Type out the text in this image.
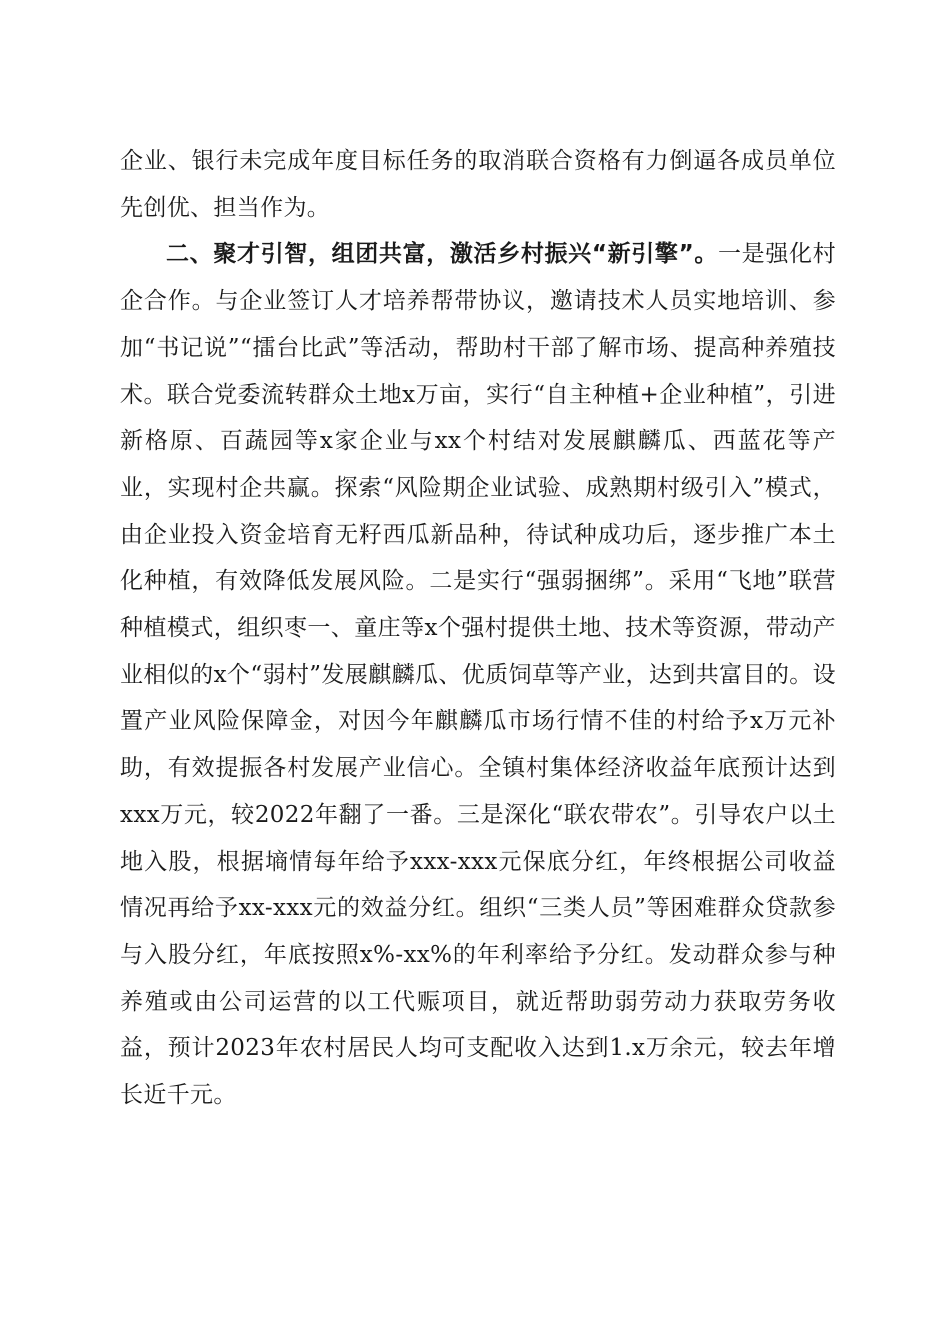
企业、银行未完成年度目标任务的取消联合资格有力倒逼各成员单位先创优、担当作为。

二、聚才引智，组团共富，激活乡村振兴“新引擎”。一是强化村企合作。与企业签订人才培养帮带协议，邀请技术人员实地培训、参加“书记说”“擂台比武”等活动，帮助村干部了解市场、提高种养殖技术。联合党委流转群众土地x万亩，实行“自主种植+企业种植”，引进新格原、百蔬园等x家企业与xx个村结对发展麒麟瓜、西蓝花等产业，实现村企共赢。探索“风险期企业试验、成熟期村级引入”模式，由企业投入资金培育无籽西瓜新品种，待试种成功后，逐步推广本土化种植，有效降低发展风险。二是实行“强弱捆绑”。采用“飞地”联营种植模式，组织枣一、童庄等x个强村提供土地、技术等资源，带动产业相似的x个“弱村”发展麒麟瓜、优质饲草等产业，达到共富目的。设置产业风险保障金，对因今年麒麟瓜市场行情不佳的村给予x万元补助，有效提振各村发展产业信心。全镇村集体经济收益年底预计达到xxx万元，较2022年翻了一番。三是深化“联农带农”。引导农户以土地入股，根据墒情每年给予xxx-xxx元保底分红，年终根据公司收益情况再给予xx-xxx元的效益分红。组织“三类人员”等困难群众贷款参与入股分红，年底按照x%-xx%的年利率给予分红。发动群众参与种养殖或由公司运营的以工代赈项目，就近帮助弱劳动力获取劳务收益，预计2023年农村居民人均可支配收入达到1.x万余元，较去年增长近千元。
